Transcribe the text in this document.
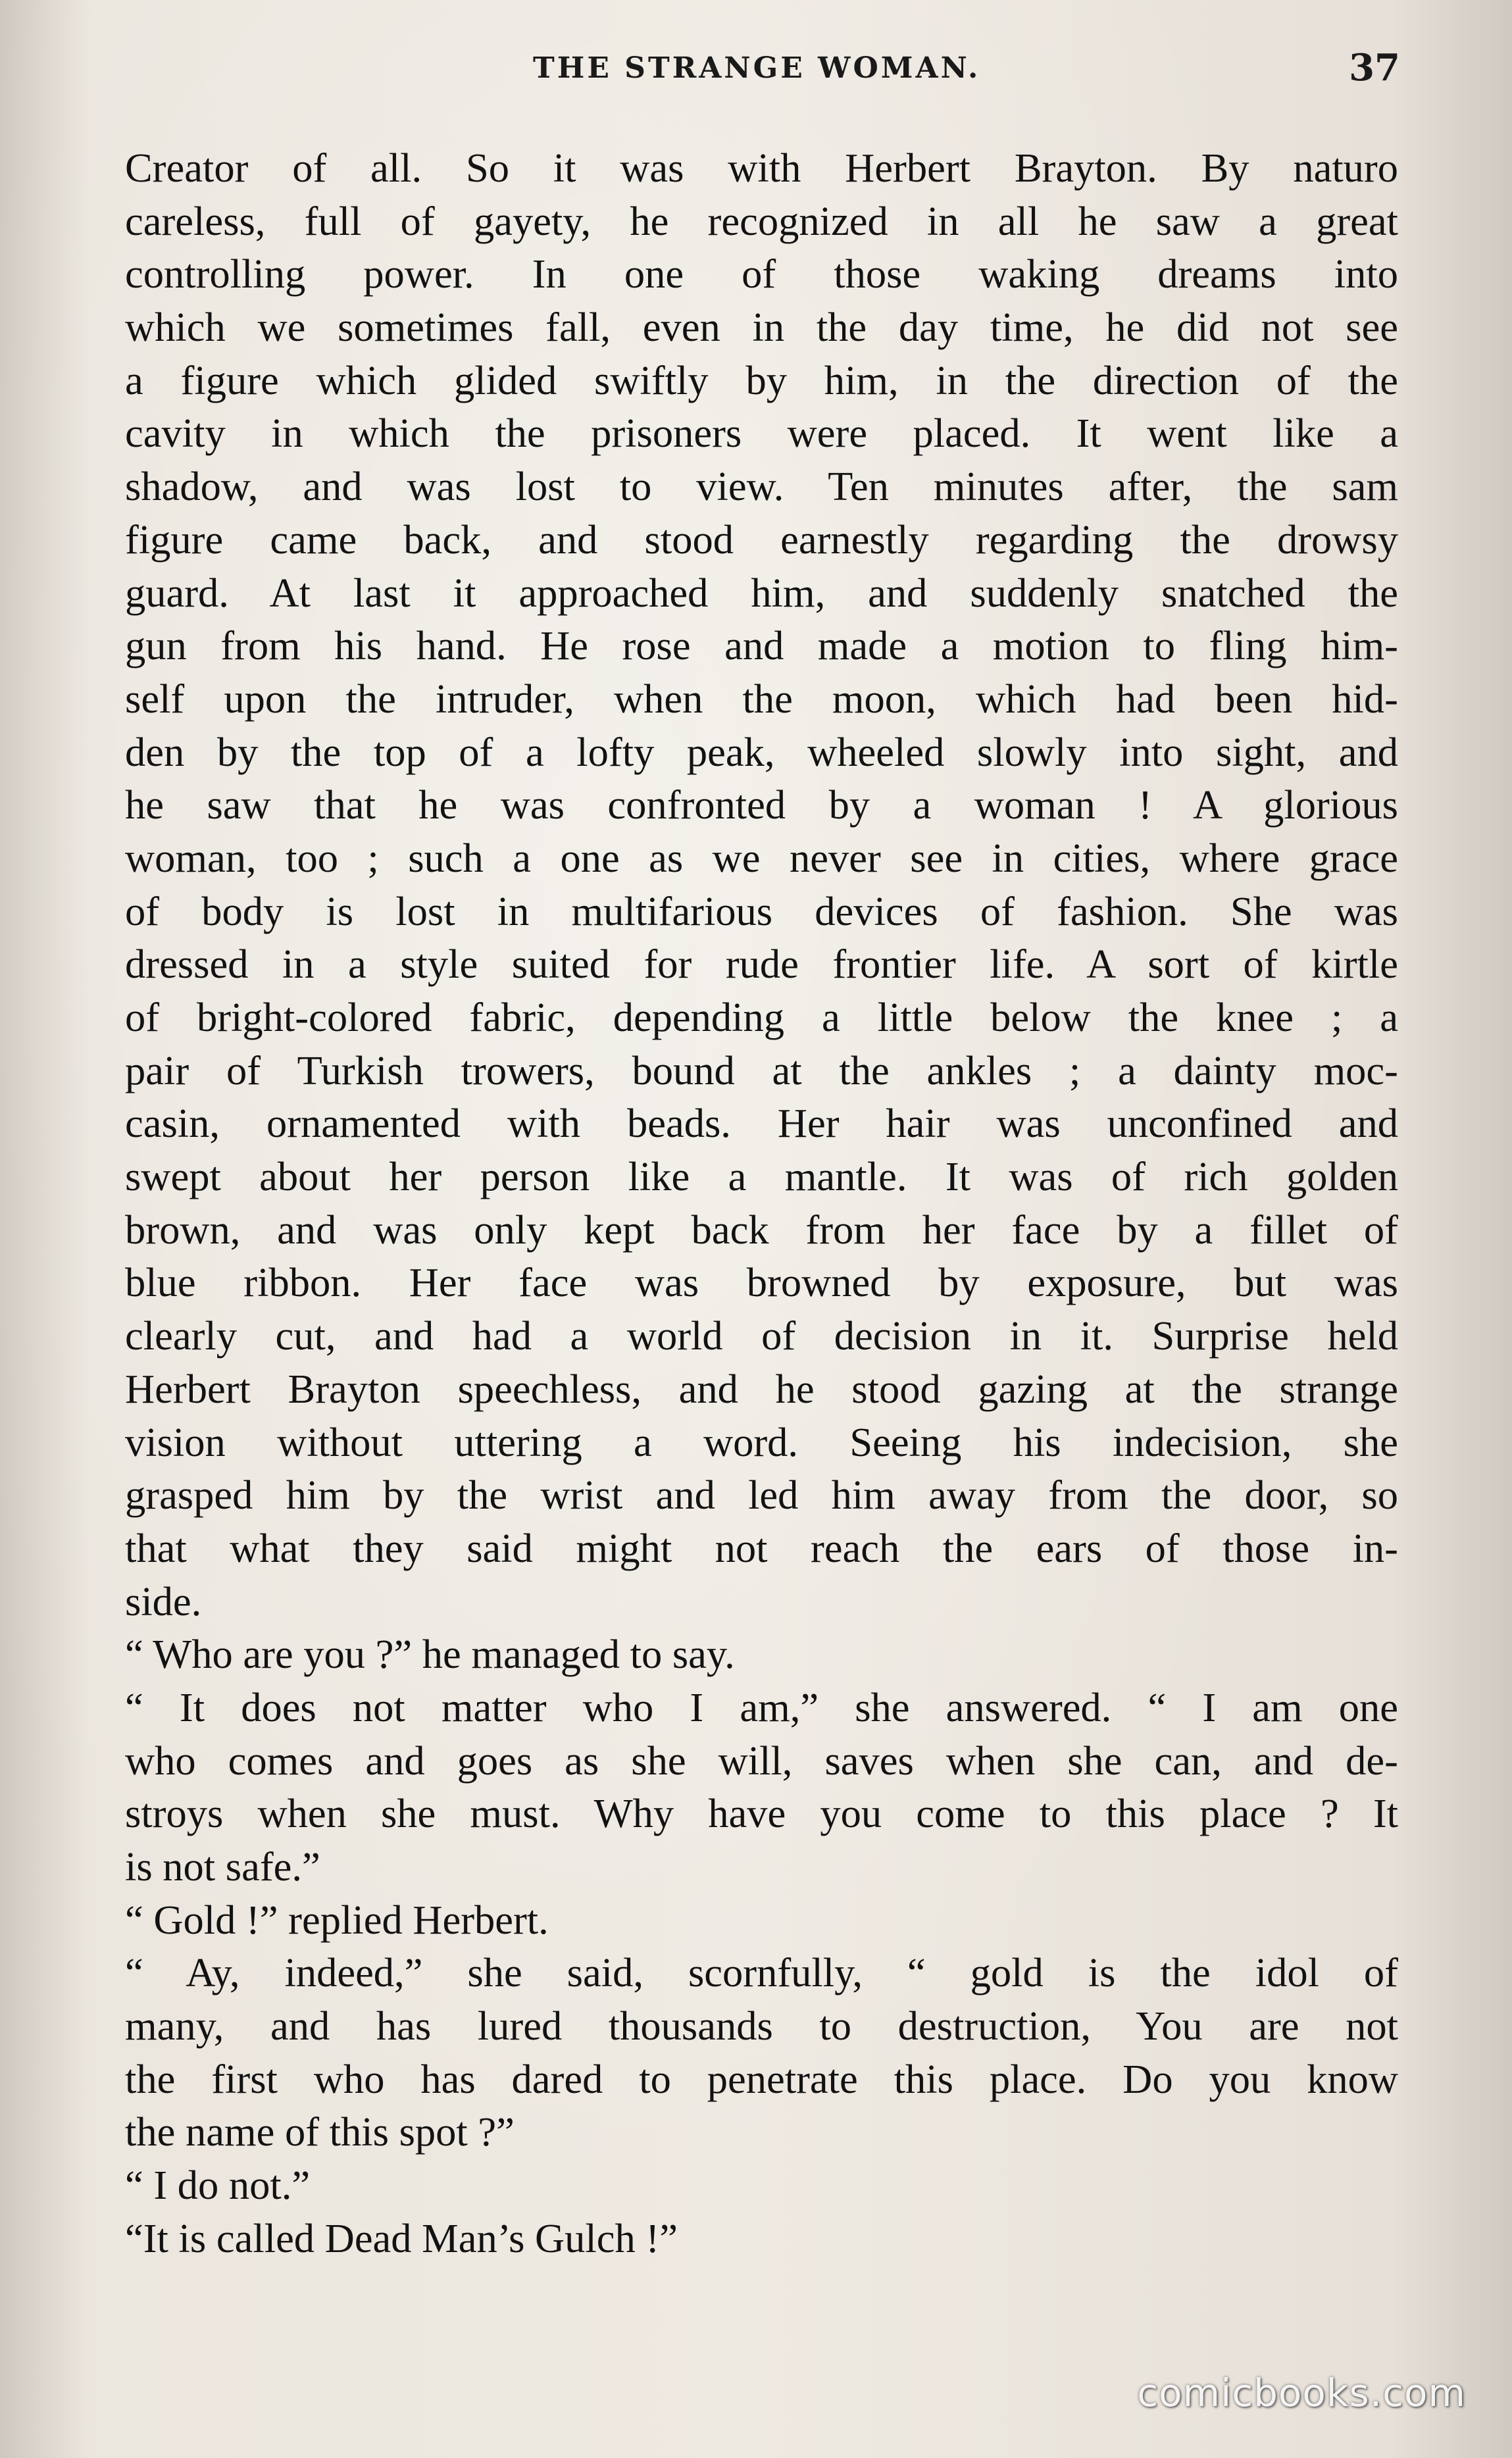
THE STRANGE WOMAN.	37
Creator of all. So it was with Herbert Brayton. By naturo
careless, full of gayety, he recognized in all he saw a great
controlling power. In one of those waking dreams into
which we sometimes fall, even in the day time, he did not see
a figure which glided swiftly by him, in the direction of the
cavity in which the prisoners were placed. It went like a
shadow, and was lost to view. Ten minutes after, the sam
figure came back, and stood earnestly regarding the drowsy
guard. At last it approached him, and suddenly snatched the
gun from his hand. He rose and made a motion to fling him-
self upon the intruder, when the moon, which had been hid-
den by the top of a lofty peak, wheeled slowly into sight, and
he saw that he was confronted by a woman ! A glorious
woman, too ; such a one as we never see in cities, where grace
of body is lost in multifarious devices of fashion. She was
dressed in a style suited for rude frontier life. A sort of kirtle
of bright-colored fabric, depending a little below the knee ; a
pair of Turkish trowers, bound at the ankles ; a dainty moc-
casin, ornamented with beads. Her hair was unconfined and
swept about her person like a mantle. It was of rich golden
brown, and was only kept back from her face by a fillet of
blue ribbon. Her face was browned by exposure, but was
clearly cut, and had a world of decision in it. Surprise held
Herbert Brayton speechless, and he stood gazing at the strange
vision without uttering a word. Seeing his indecision, she
grasped him by the wrist and led him away from the door, so
that what they said might not reach the ears of those in-
side.
“ Who are you ?” he managed to say.
“ It does not matter who I am,” she answered. “ I am one
who comes and goes as she will, saves when she can, and de-
stroys when she must. Why have you come to this place ? It
is not safe.”
“ Gold !” replied Herbert.
“ Ay, indeed,” she said, scornfully, “ gold is the idol of
many, and has lured thousands to destruction, You are not
the first who has dared to penetrate this place. Do you know
the name of this spot ?”
“ I do not.”
“It is called Dead Man’s Gulch !”
comicbooks.com
